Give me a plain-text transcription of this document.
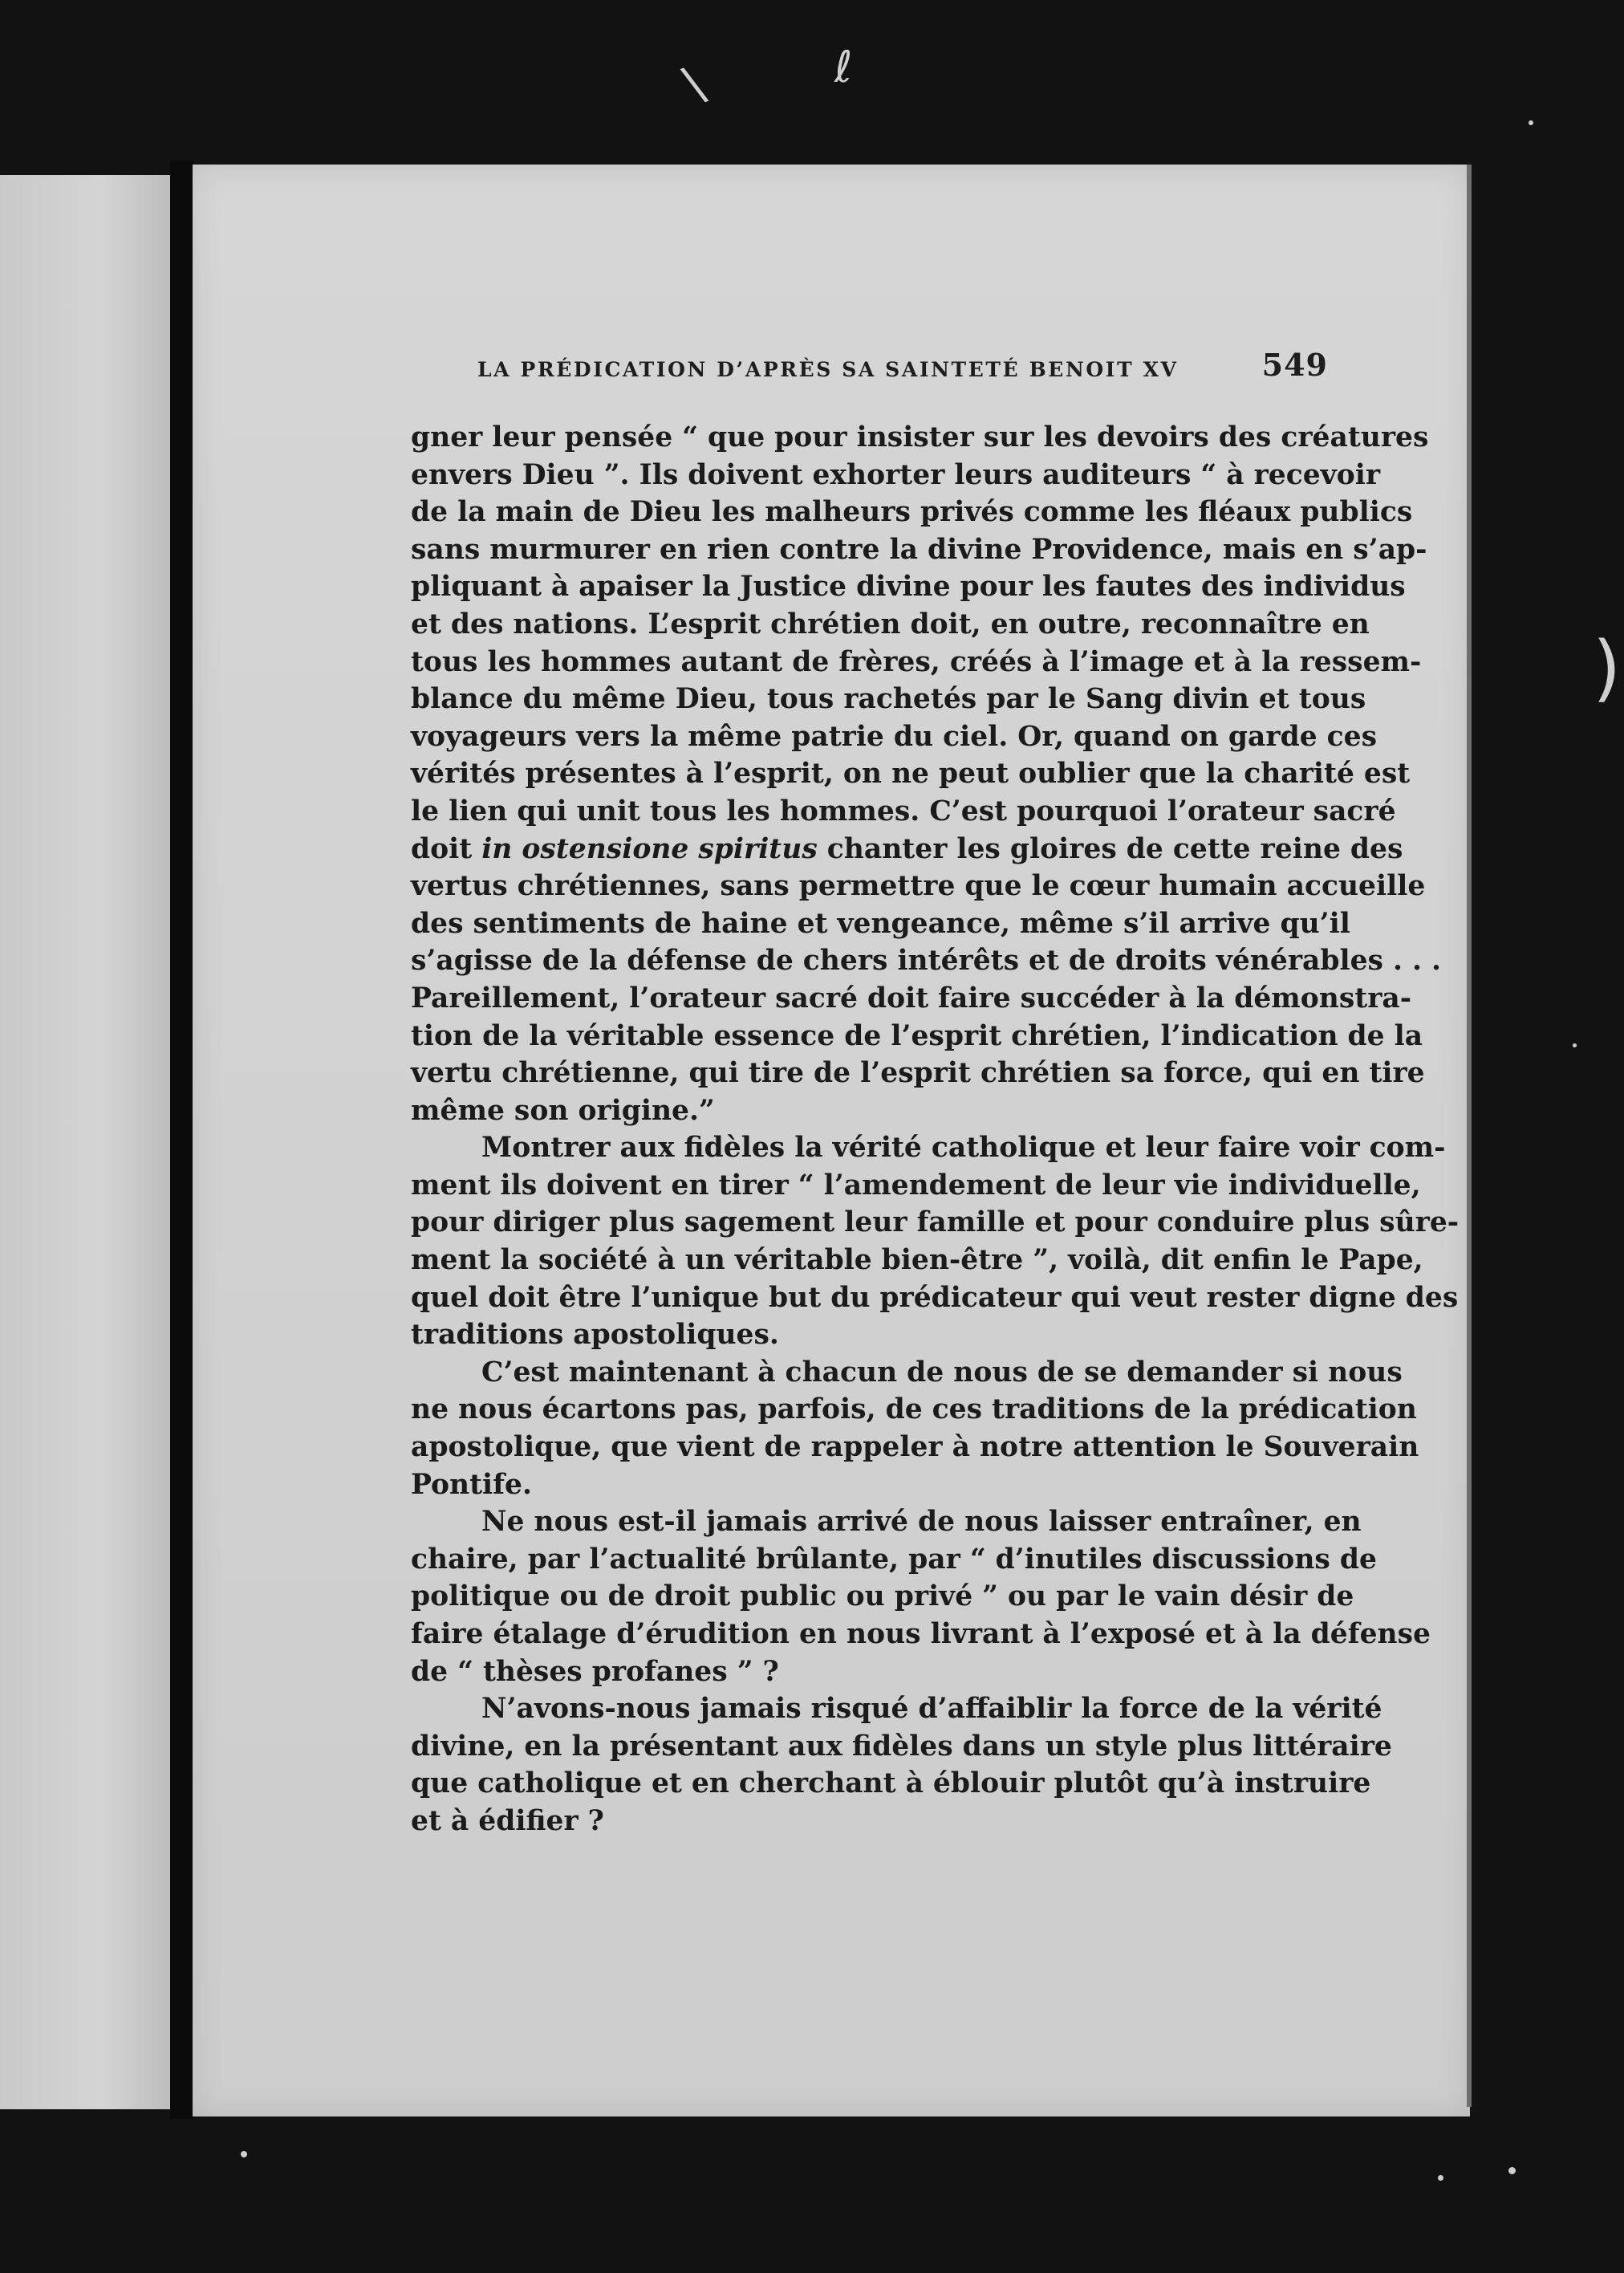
ℓ
\
)
LA PRÉDICATION D’APRÈS SA SAINTETÉ BENOIT XV	549
gner leur pensée “ que pour insister sur les devoirs des créatures
envers Dieu ”. Ils doivent exhorter leurs auditeurs “ à recevoir
de la main de Dieu les malheurs privés comme les fléaux publics
sans murmurer en rien contre la divine Providence, mais en s’ap-
pliquant à apaiser la Justice divine pour les fautes des individus
et des nations. L’esprit chrétien doit, en outre, reconnaître en
tous les hommes autant de frères, créés à l’image et à la ressem-
blance du même Dieu, tous rachetés par le Sang divin et tous
voyageurs vers la même patrie du ciel. Or, quand on garde ces
vérités présentes à l’esprit, on ne peut oublier que la charité est
le lien qui unit tous les hommes. C’est pourquoi l’orateur sacré
doit in ostensione spiritus chanter les gloires de cette reine des
vertus chrétiennes, sans permettre que le cœur humain accueille
des sentiments de haine et vengeance, même s’il arrive qu’il
s’agisse de la défense de chers intérêts et de droits vénérables . . .
Pareillement, l’orateur sacré doit faire succéder à la démonstra-
tion de la véritable essence de l’esprit chrétien, l’indication de la
vertu chrétienne, qui tire de l’esprit chrétien sa force, qui en tire
même son origine.”
Montrer aux fidèles la vérité catholique et leur faire voir com-
ment ils doivent en tirer “ l’amendement de leur vie individuelle,
pour diriger plus sagement leur famille et pour conduire plus sûre-
ment la société à un véritable bien-être ”, voilà, dit enfin le Pape,
quel doit être l’unique but du prédicateur qui veut rester digne des
traditions apostoliques.
C’est maintenant à chacun de nous de se demander si nous
ne nous écartons pas, parfois, de ces traditions de la prédication
apostolique, que vient de rappeler à notre attention le Souverain
Pontife.
Ne nous est-il jamais arrivé de nous laisser entraîner, en
chaire, par l’actualité brûlante, par “ d’inutiles discussions de
politique ou de droit public ou privé ” ou par le vain désir de
faire étalage d’érudition en nous livrant à l’exposé et à la défense
de “ thèses profanes ” ?
N’avons-nous jamais risqué d’affaiblir la force de la vérité
divine, en la présentant aux fidèles dans un style plus littéraire
que catholique et en cherchant à éblouir plutôt qu’à instruire
et à édifier ?
